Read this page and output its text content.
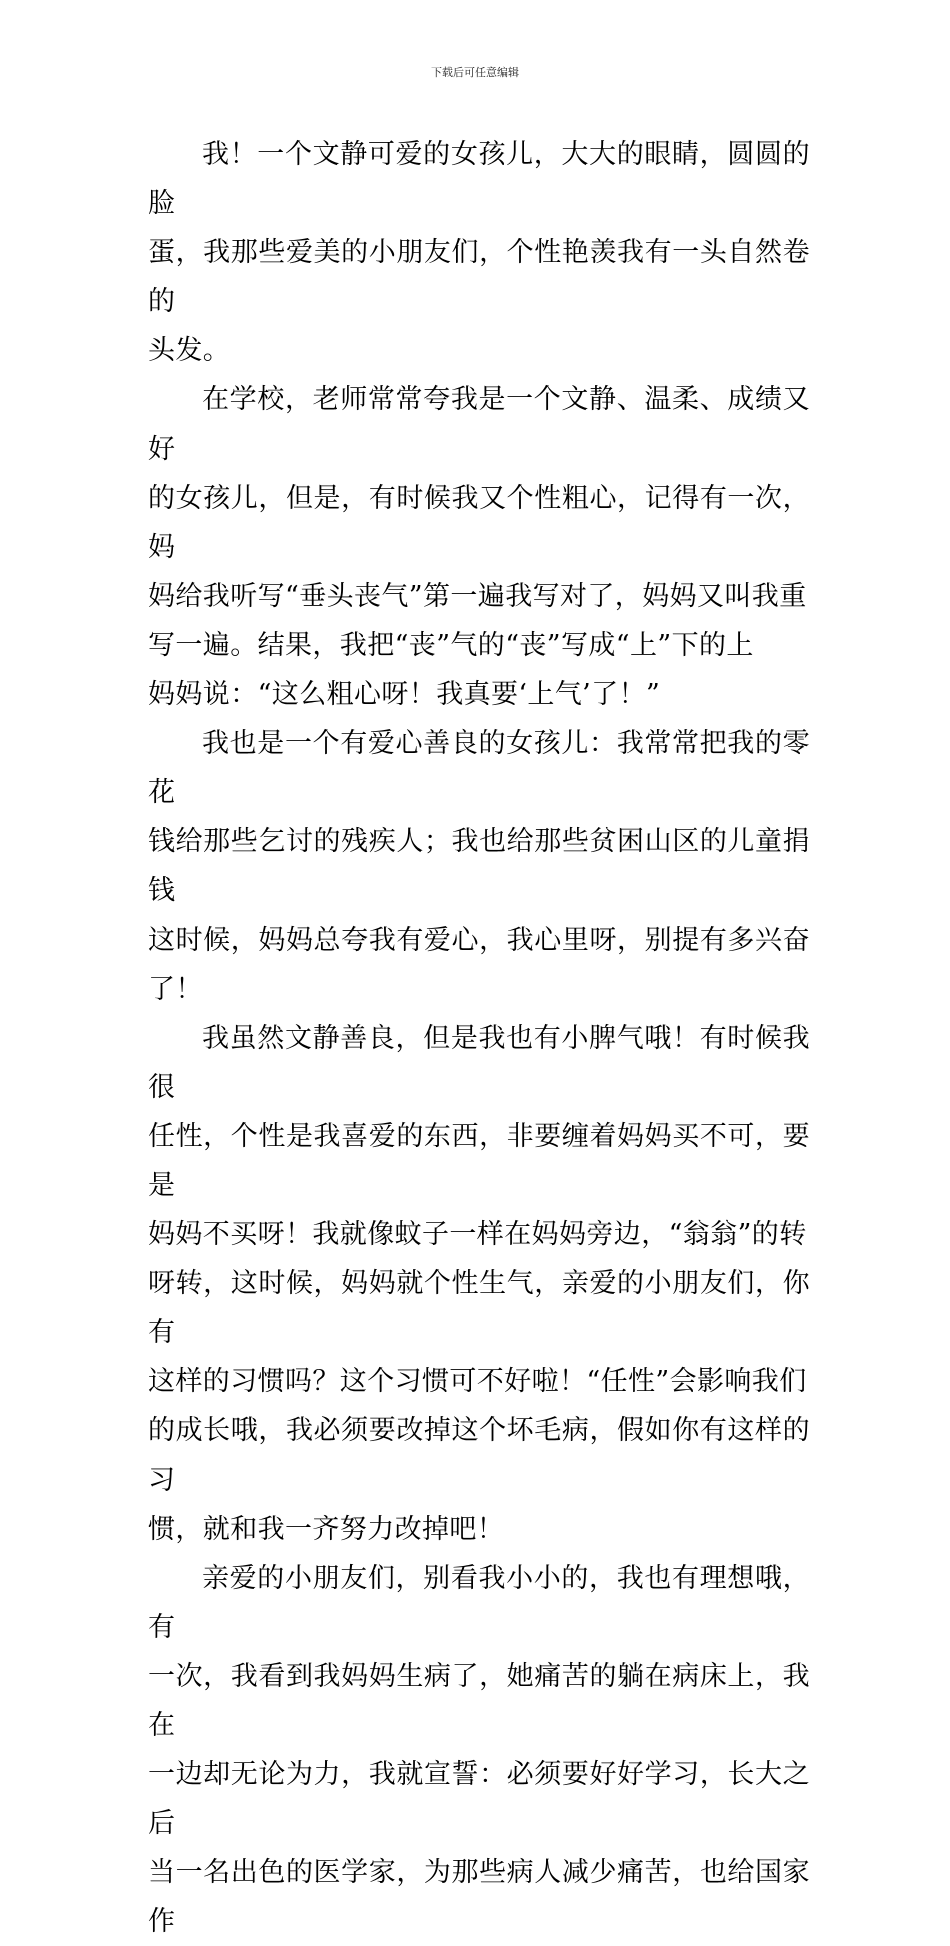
下载后可任意编辑

我！一个文静可爱的女孩儿，大大的眼睛，圆圆的脸
蛋，我那些爱美的小朋友们，个性艳羡我有一头自然卷的
头发。

在学校，老师常常夸我是一个文静、温柔、成绩又好
的女孩儿，但是，有时候我又个性粗心，记得有一次，妈
妈给我听写“垂头丧气”第一遍我写对了，妈妈又叫我重
写一遍。结果，我把“丧”气的“丧”写成“上”下的上
妈妈说：“这么粗心呀！我真要‘上气’了！”

我也是一个有爱心善良的女孩儿：我常常把我的零花
钱给那些乞讨的残疾人；我也给那些贫困山区的儿童捐钱
这时候，妈妈总夸我有爱心，我心里呀，别提有多兴奋了！

我虽然文静善良，但是我也有小脾气哦！有时候我很
任性，个性是我喜爱的东西，非要缠着妈妈买不可，要是
妈妈不买呀！我就像蚊子一样在妈妈旁边，“翁翁”的转
呀转，这时候，妈妈就个性生气，亲爱的小朋友们，你有
这样的习惯吗？这个习惯可不好啦！“任性”会影响我们
的成长哦，我必须要改掉这个坏毛病，假如你有这样的习
惯，就和我一齐努力改掉吧！

亲爱的小朋友们，别看我小小的，我也有理想哦，有
一次，我看到我妈妈生病了，她痛苦的躺在病床上，我在
一边却无论为力，我就宣誓：必须要好好学习，长大之后
当一名出色的医学家，为那些病人减少痛苦，也给国家作
